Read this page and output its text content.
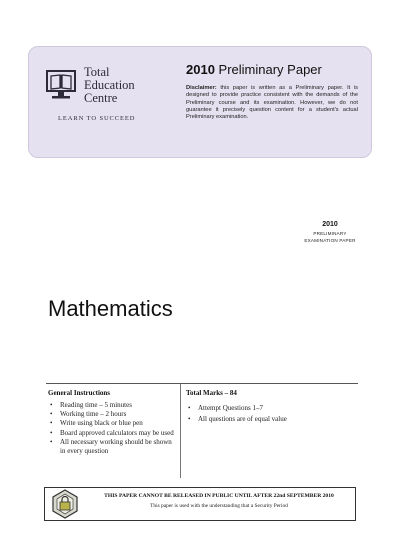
Total
Education
Centre
LEARN TO SUCCEED
2010 Preliminary Paper
Disclaimer: this paper is written as a Preliminary paper. It is designed to provide practice consistent with the demands of the Preliminary course and its examination. However, we do not guarantee it precisely question content for a student's actual Preliminary examination.
2010
PRELIMINARY
EXAMINATION PAPER
Mathematics
General Instructions
• Reading time – 5 minutes
• Working time – 2 hours
• Write using black or blue pen
• Board approved calculators may be used
• All necessary working should be shown in every question
Total Marks – 84
• Attempt Questions 1–7
• All questions are of equal value
THIS PAPER CANNOT BE RELEASED IN PUBLIC UNTIL AFTER 22nd SEPTEMBER 2010
This paper is used with the understanding that a Security Period
